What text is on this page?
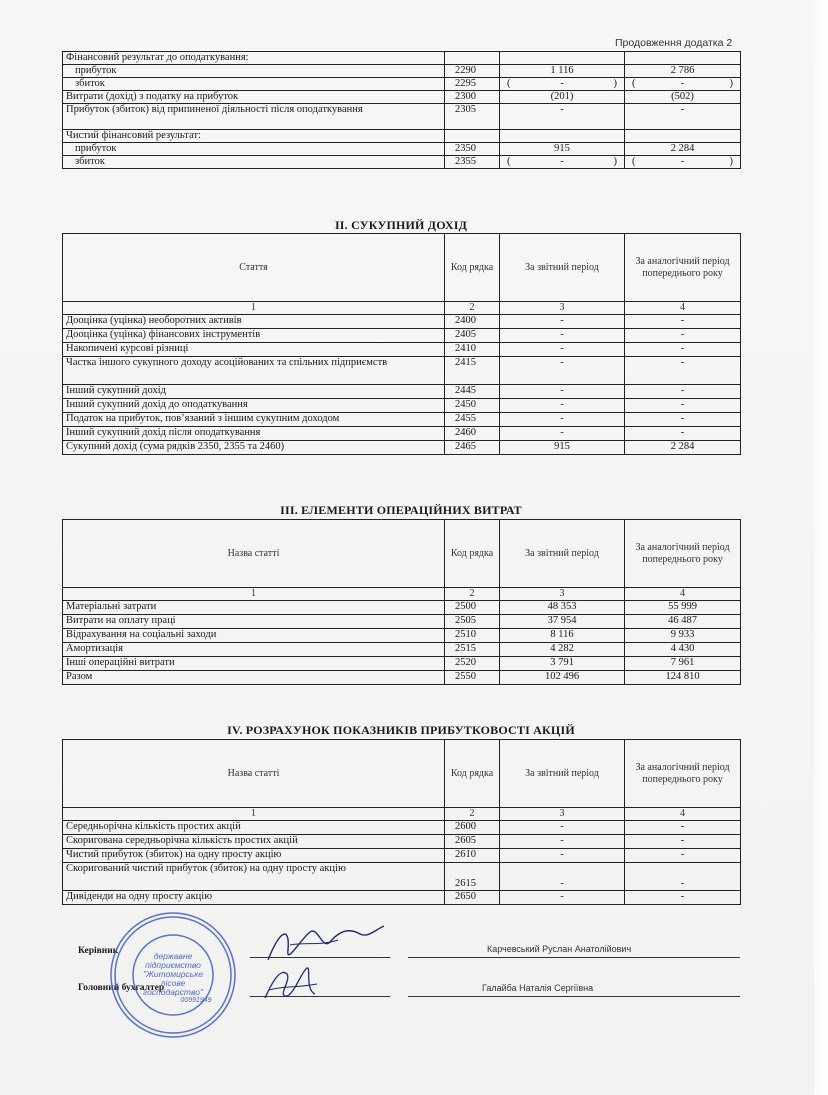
Продовження додатка 2
Фінансовий результат до оподаткування:			
прибуток	2290	1 116	2 786
збиток	2295	( - )	( - )

Витрати (дохід) з податку на прибуток	2300	(201)	(502)
Прибуток (збиток) від припиненої діяльності після оподаткування	2305	-	-
Чистий фінансовий результат:			
прибуток	2350	915	2 284
збиток	2355	( - )	( - )
II. СУКУПНИЙ ДОХІД
Стаття	Код рядка	За звітний період	За аналогічний період попереднього року
1	2	3	4
Дооцінка (уцінка) необоротних активів	2400	-	-
Дооцінка (уцінка) фінансових інструментів	2405	-	-
Накопичені курсові різниці	2410	-	-
Частка іншого сукупного доходу асоційованих та спільних підприємств	2415	-	-
Інший сукупний дохід	2445	-	-
Інший сукупний дохід до оподаткування	2450	-	-
Податок на прибуток, пов’язаний з іншим сукупним доходом	2455	-	-
Інший сукупний дохід після оподаткування	2460	-	-
Сукупний дохід (сума рядків 2350, 2355 та 2460)	2465	915	2 284
III. ЕЛЕМЕНТИ ОПЕРАЦІЙНИХ ВИТРАТ
Назва статті	Код рядка	За звітний період	За аналогічний період попереднього року
1	2	3	4
Матеріальні затрати	2500	48 353	55 999
Витрати на оплату праці	2505	37 954	46 487
Відрахування на соціальні заходи	2510	8 116	9 933
Амортизація	2515	4 282	4 430
Інші операційні витрати	2520	3 791	7 961
Разом	2550	102 496	124 810
IV. РОЗРАХУНОК ПОКАЗНИКІВ ПРИБУТКОВОСТІ АКЦІЙ
Назва статті	Код рядка	За звітний період	За аналогічний період попереднього року
1	2	3	4
Середньорічна кількість простих акцій	2600	-	-
Скоригована середньорічна кількість простих акцій	2605	-	-
Чистий прибуток (збиток) на одну просту акцію	2610	-	-
Скоригований чистий прибуток (збиток) на одну просту акцію	2615	-	-
Дивіденди на одну просту акцію	2650	-	-
Керівник	Карчевський Руслан Анатолійович
Головний бухгалтер	Галайба Наталія Сергіївна
державне
підприємство
"Житомирське
лісове
господарство"
00991949
